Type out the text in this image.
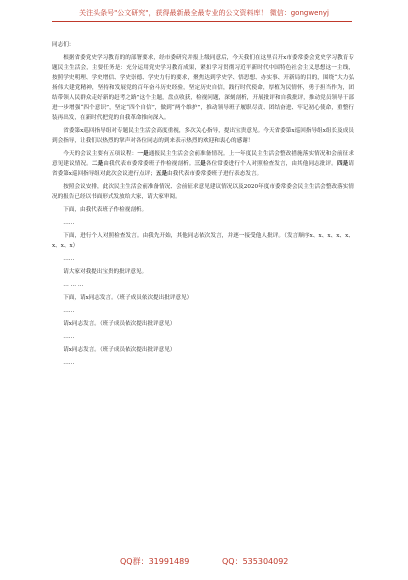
关注头条号"公文研究"，获得最新最全最专业的公文资料库！ 微信：gongwenyj

同志们：

根据省委党史学习教育的的部署要求，经市委研究并报上级同意后，今天我们在这里召开x市委常委会党史学习教育专题民主生活会，主要任务是：充分运用党史学习教育成果，紧扣学习贯彻习近平新时代中国特色社会主义思想这一主线，按照学史明理、学史增信、学史崇德、学史力行的要求，聚焦达到学史学、悟思想、办实事、开新局的目的，围绕“大力弘扬伟大建党精神，坚持和发展党的百年奋斗历史经验，坚定历史自信，践行时代使命，厚植为民情怀，勇于担当作为，团结带领人民群众走好新的赶考之路”这个主题，盘点收获，检视问题，深刻剖析，开展批评和自我批评，推动党员领导干部进一步增强“四个意识”，坚定“四个自信”，做到“两个维护”，推动领导班子履职尽责、团结奋进、牢记初心使命，重整行装再出发，在新时代把党的自我革命推向深入。

省委第x巡回指导组对专题民主生活会高度重视，多次关心指导，提出宝贵意见。今天省委第x巡回指导组x组长及成员到会指导，让我们以热烈的掌声对各位同志的到来表示热烈的欢迎和衷心的感谢！

今天的会议主要有五项议程：一是通报民主生活会会前准备情况。上一年度民主生活会整改措施落实情况和会前征求意见建议情况。二是由我代表市委常委班子作检视剖析。三是各位常委进行个人对照检查发言，由其他同志批评。四是请省委第x巡回指导组对此次会议进行点评；五是由我代表市委常委班子进行表态发言。

按照会议安排，此次民主生活会前准备情况、会前征求意见建议情况以及2020年度市委常委会民主生活会整改落实情况的报告已经以书面形式发放给大家，请大家审阅。

下面，由我代表班子作检视剖析。

……

下面，进行个人对照检查发言。由我先开始，其他同志依次发言，并逐一接受他人批评。（发言顺序x、x、x、x、x、x、x、x）

……

请大家对我提出宝贵的批评意见。

… … …

下面，请x同志发言。（班子成员依次提出批评意见）

……

请x同志发言。（班子成员依次提出批评意见）

……

请x同志发言。（班子成员依次提出批评意见）

……

QQ群：31991489	QQ：535304092
